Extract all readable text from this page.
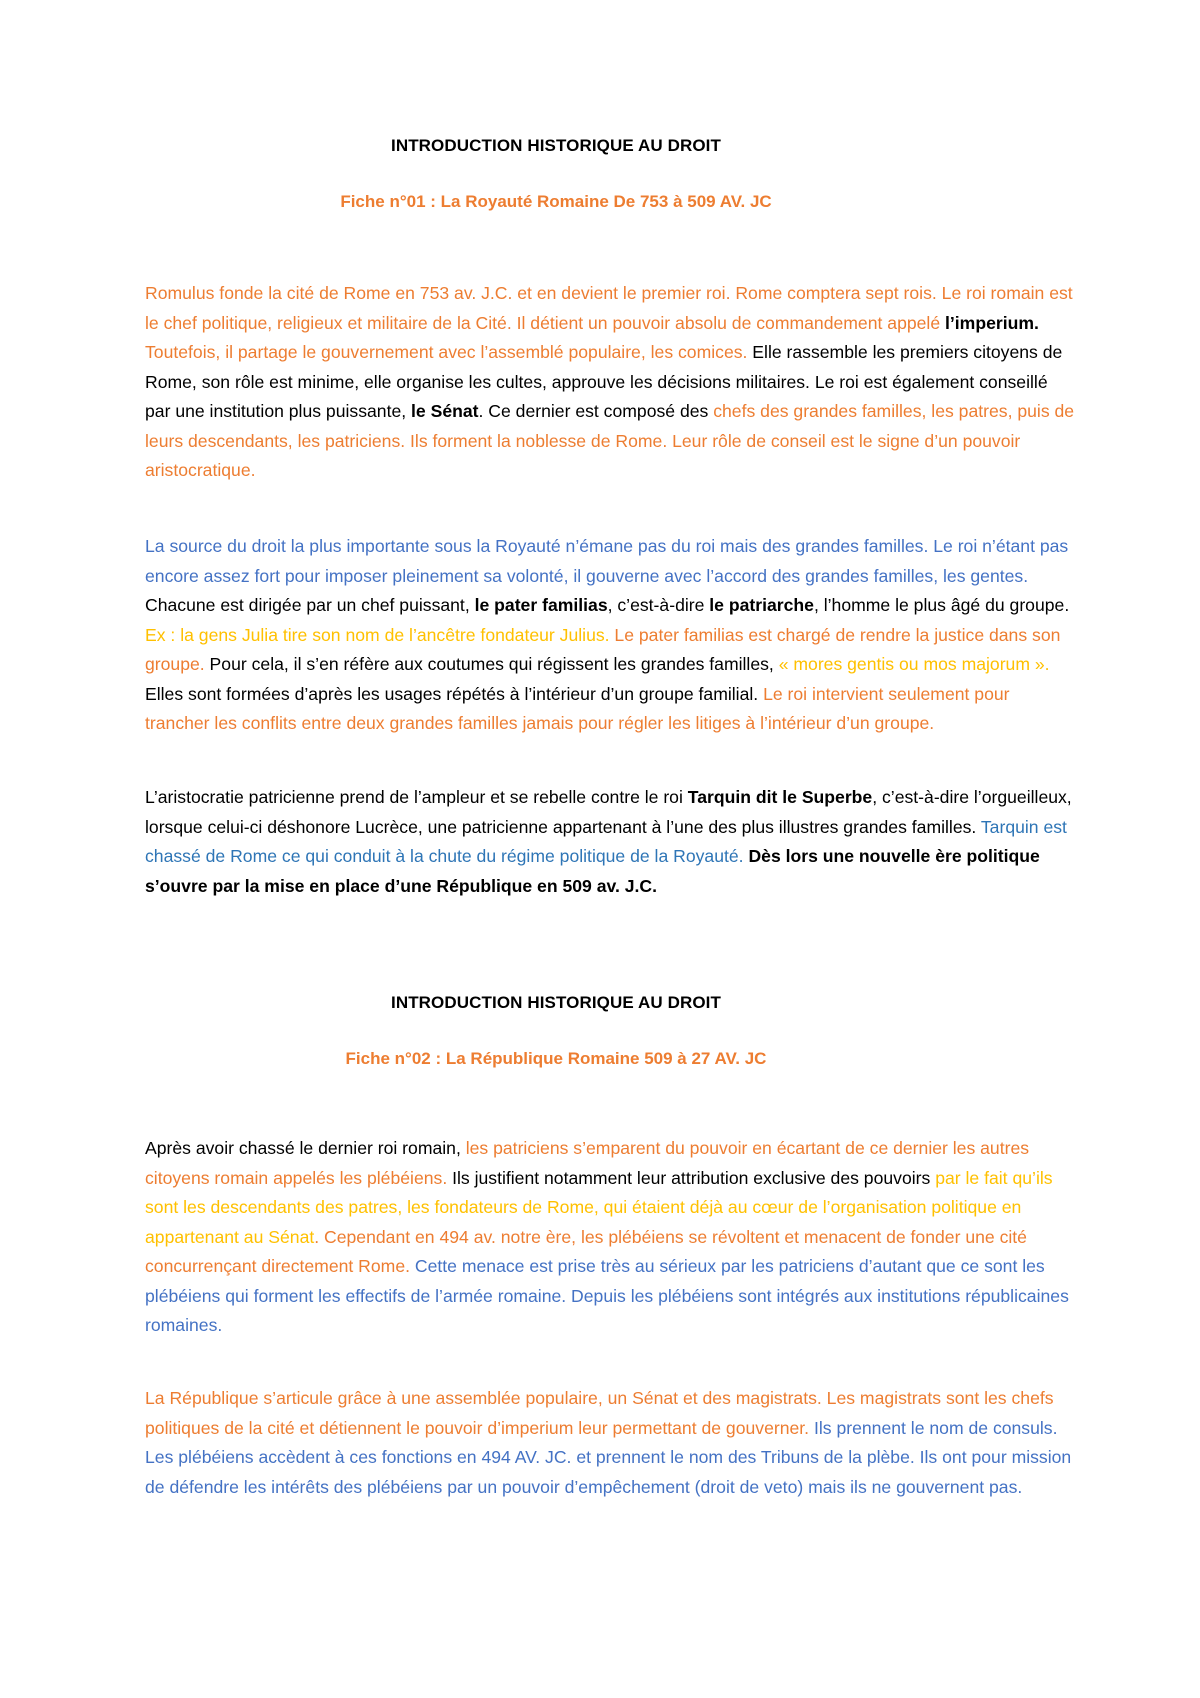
INTRODUCTION HISTORIQUE AU DROIT
Fiche n°01 : La Royauté Romaine De 753 à 509 AV. JC

Romulus fonde la cité de Rome en 753 av. J.C. et en devient le premier roi. Rome comptera sept rois. Le roi romain est le chef politique, religieux et militaire de la Cité. Il détient un pouvoir absolu de commandement appelé l’imperium. Toutefois, il partage le gouvernement avec l’assemblé populaire, les comices. Elle rassemble les premiers citoyens de Rome, son rôle est minime, elle organise les cultes, approuve les décisions militaires. Le roi est également conseillé par une institution plus puissante, le Sénat. Ce dernier est composé des chefs des grandes familles, les patres, puis de leurs descendants, les patriciens. Ils forment la noblesse de Rome. Leur rôle de conseil est le signe d’un pouvoir aristocratique.

La source du droit la plus importante sous la Royauté n’émane pas du roi mais des grandes familles. Le roi n’étant pas encore assez fort pour imposer pleinement sa volonté, il gouverne avec l’accord des grandes familles, les gentes. Chacune est dirigée par un chef puissant, le pater familias, c’est-à-dire le patriarche, l’homme le plus âgé du groupe. Ex : la gens Julia tire son nom de l’ancêtre fondateur Julius. Le pater familias est chargé de rendre la justice dans son groupe. Pour cela, il s’en réfère aux coutumes qui régissent les grandes familles, « mores gentis ou mos majorum ». Elles sont formées d’après les usages répétés à l’intérieur d’un groupe familial. Le roi intervient seulement pour trancher les conflits entre deux grandes familles jamais pour régler les litiges à l’intérieur d’un groupe.

L’aristocratie patricienne prend de l’ampleur et se rebelle contre le roi Tarquin dit le Superbe, c’est-à-dire l’orgueilleux, lorsque celui-ci déshonore Lucrèce, une patricienne appartenant à l’une des plus illustres grandes familles. Tarquin est chassé de Rome ce qui conduit à la chute du régime politique de la Royauté. Dès lors une nouvelle ère politique s’ouvre par la mise en place d’une République en 509 av. J.C.

INTRODUCTION HISTORIQUE AU DROIT
Fiche n°02 : La République Romaine 509 à 27 AV. JC

Après avoir chassé le dernier roi romain, les patriciens s’emparent du pouvoir en écartant de ce dernier les autres citoyens romain appelés les plébéiens. Ils justifient notamment leur attribution exclusive des pouvoirs par le fait qu’ils sont les descendants des patres, les fondateurs de Rome, qui étaient déjà au cœur de l’organisation politique en appartenant au Sénat. Cependant en 494 av. notre ère, les plébéiens se révoltent et menacent de fonder une cité concurrençant directement Rome. Cette menace est prise très au sérieux par les patriciens d’autant que ce sont les plébéiens qui forment les effectifs de l’armée romaine. Depuis les plébéiens sont intégrés aux institutions républicaines romaines.

La République s’articule grâce à une assemblée populaire, un Sénat et des magistrats. Les magistrats sont les chefs politiques de la cité et détiennent le pouvoir d’imperium leur permettant de gouverner. Ils prennent le nom de consuls. Les plébéiens accèdent à ces fonctions en 494 AV. JC. et prennent le nom des Tribuns de la plèbe. Ils ont pour mission de défendre les intérêts des plébéiens par un pouvoir d’empêchement (droit de veto) mais ils ne gouvernent pas.
